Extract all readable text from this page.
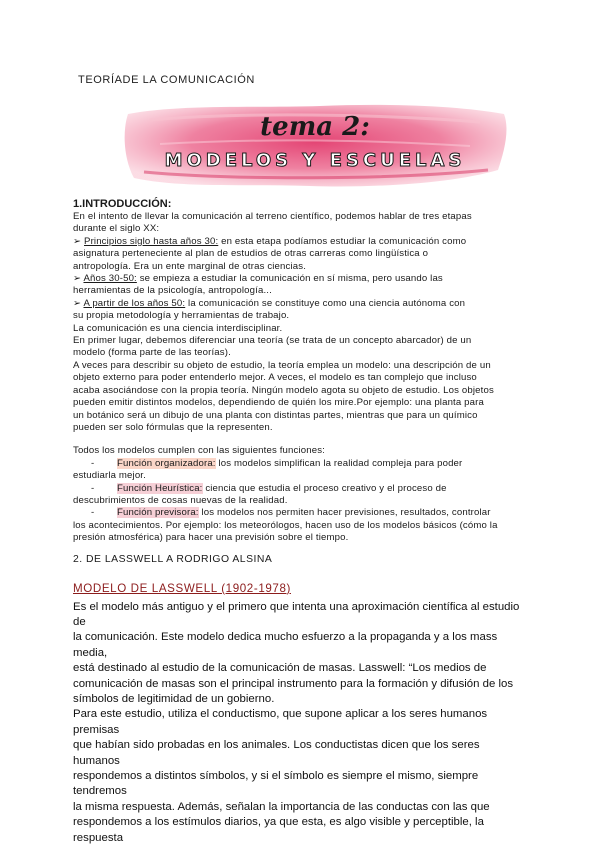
TEORÍADE LA COMUNICACIÓN
tema 2:
MODELOS Y ESCUELAS
1.INTRODUCCIÓN:

En el intento de llevar la comunicación al terreno científico, podemos hablar de tres etapas

durante el siglo XX:

➢ Principios siglo hasta años 30: en esta etapa podíamos estudiar la comunicación como

asignatura perteneciente al plan de estudios de otras carreras como lingüística o

antropología. Era un ente marginal de otras ciencias.

➢ Años 30-50: se empieza a estudiar la comunicación en sí misma, pero usando las

herramientas de la psicología, antropología...

➢ A partir de los años 50: la comunicación se constituye como una ciencia autónoma con

su propia metodología y herramientas de trabajo.

La comunicación es una ciencia interdisciplinar.

En primer lugar, debemos diferenciar una teoría (se trata de un concepto abarcador) de un

modelo (forma parte de las teorías).

A veces para describir su objeto de estudio, la teoría emplea un modelo: una descripción de un

objeto externo para poder entenderlo mejor. A veces, el modelo es tan complejo que incluso

acaba asociándose con la propia teoría. Ningún modelo agota su objeto de estudio. Los objetos

pueden emitir distintos modelos, dependiendo de quién los mire.Por ejemplo: una planta para

un botánico será un dibujo de una planta con distintas partes, mientras que para un químico

pueden ser solo fórmulas que la representen.

Todos los modelos cumplen con las siguientes funciones:

- Función organizadora: los modelos simplifican la realidad compleja para poder

estudiarla mejor.

- Función Heurística: ciencia que estudia el proceso creativo y el proceso de

descubrimientos de cosas nuevas de la realidad.

- Función previsora: los modelos nos permiten hacer previsiones, resultados, controlar

los acontecimientos. Por ejemplo: los meteorólogos, hacen uso de los modelos básicos (cómo la

presión atmosférica) para hacer una previsión sobre el tiempo.

2. DE LASSWELL A RODRIGO ALSINA

MODELO DE LASSWELL (1902-1978)

Es el modelo más antiguo y el primero que intenta una aproximación científica al estudio de

la comunicación. Este modelo dedica mucho esfuerzo a la propaganda y a los mass media,

está destinado al estudio de la comunicación de masas. Lasswell: “Los medios de

comunicación de masas son el principal instrumento para la formación y difusión de los

símbolos de legitimidad de un gobierno.

Para este estudio, utiliza el conductismo, que supone aplicar a los seres humanos premisas

que habían sido probadas en los animales. Los conductistas dicen que los seres humanos

respondemos a distintos símbolos, y si el símbolo es siempre el mismo, siempre tendremos

la misma respuesta. Además, señalan la importancia de las conductas con las que

respondemos a los estímulos diarios, ya que esta, es algo visible y perceptible, la respuesta
